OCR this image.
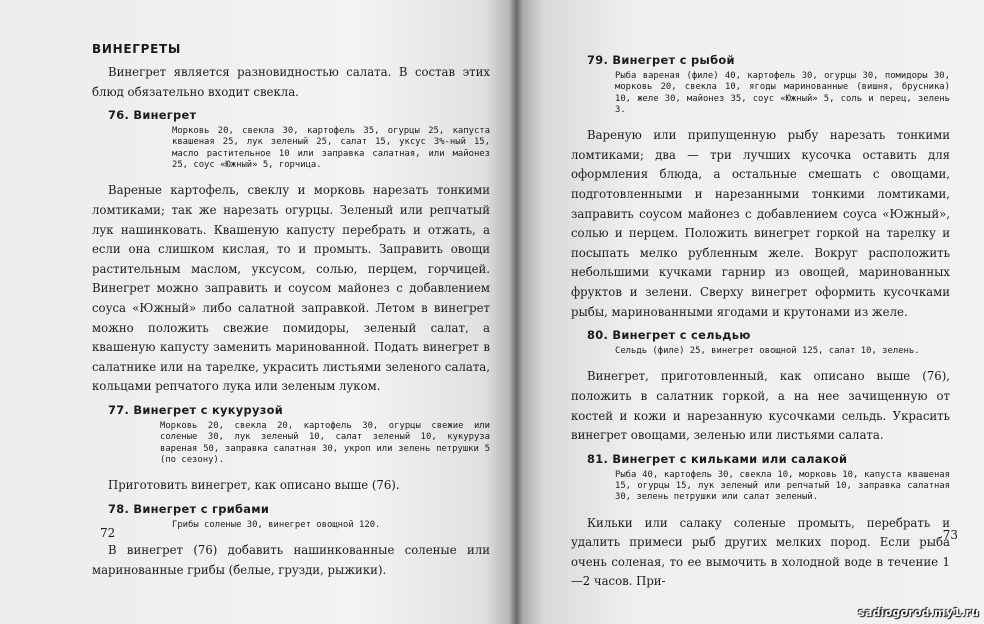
ВИНЕГРЕТЫ

Винегрет является разновидностью салата. В состав этих блюд обязательно входит свекла.

76. Винегрет

Морковь 20, свекла 30, картофель 35, огурцы 25, капуста квашеная 25, лук зеленый 25, салат 15, уксус 3%-ный 15, масло растительное 10 или заправка салатная, или майонез 25, соус «Южный» 5, горчица.

Вареные картофель, свеклу и морковь нарезать тонкими ломтиками; так же нарезать огурцы. Зеленый или репчатый лук нашинковать. Квашеную капусту перебрать и отжать, а если она слишком кислая, то и промыть. Заправить овощи растительным маслом, уксусом, солью, перцем, горчицей. Винегрет можно заправить и соусом майонез с добавлением соуса «Южный» либо салатной заправкой. Летом в винегрет можно положить свежие помидоры, зеленый салат, а квашеную капусту заменить маринованной. Подать винегрет в салатнике или на тарелке, украсить листьями зеленого салата, кольцами репчатого лука или зеленым луком.

77. Винегрет с кукурузой

Морковь 20, свекла 20, картофель 30, огурцы свежие или соленые 30, лук зеленый 10, салат зеленый 10, кукуруза вареная 50, заправка салатная 30, укроп или зелень петрушки 5 (по сезону).

Приготовить винегрет, как описано выше (76).

78. Винегрет с грибами

Грибы соленые 30, винегрет овощной 120.

В винегрет (76) добавить нашинкованные соленые или маринованные грибы (белые, грузди, рыжики).

72
79. Винегрет с рыбой

Рыба вареная (филе) 40, картофель 30, огурцы 30, помидоры 30, морковь 20, свекла 10, ягоды маринованные (вишня, брусника) 10, желе 30, майонез 35, соус «Южный» 5, соль и перец, зелень 3.

Вареную или припущенную рыбу нарезать тонкими ломтиками; два — три лучших кусочка оставить для оформления блюда, а остальные смешать с овощами, подготовленными и нарезанными тонкими ломтиками, заправить соусом майонез с добавлением соуса «Южный», солью и перцем. Положить винегрет горкой на тарелку и посыпать мелко рубленным желе. Вокруг расположить небольшими кучками гарнир из овощей, маринованных фруктов и зелени. Сверху винегрет оформить кусочками рыбы, маринованными ягодами и крутонами из желе.

80. Винегрет с сельдью

Сельдь (филе) 25, винегрет овощной 125, салат 10, зелень.

Винегрет, приготовленный, как описано выше (76), положить в салатник горкой, а на нее зачищенную от костей и кожи и нарезанную кусочками сельдь. Украсить винегрет овощами, зеленью или листьями салата.

81. Винегрет с кильками или салакой

Рыба 40, картофель 30, свекла 10, морковь 10, капуста квашеная 15, огурцы 15, лук зеленый или репчатый 10, заправка салатная 30, зелень петрушки или салат зеленый.

Кильки или салаку соленые промыть, перебрать и удалить примеси рыб других мелких пород. Если рыба очень соленая, то ее вымочить в холодной воде в течение 1—2 часов. При-

73
sadiogorod.my1.ru
